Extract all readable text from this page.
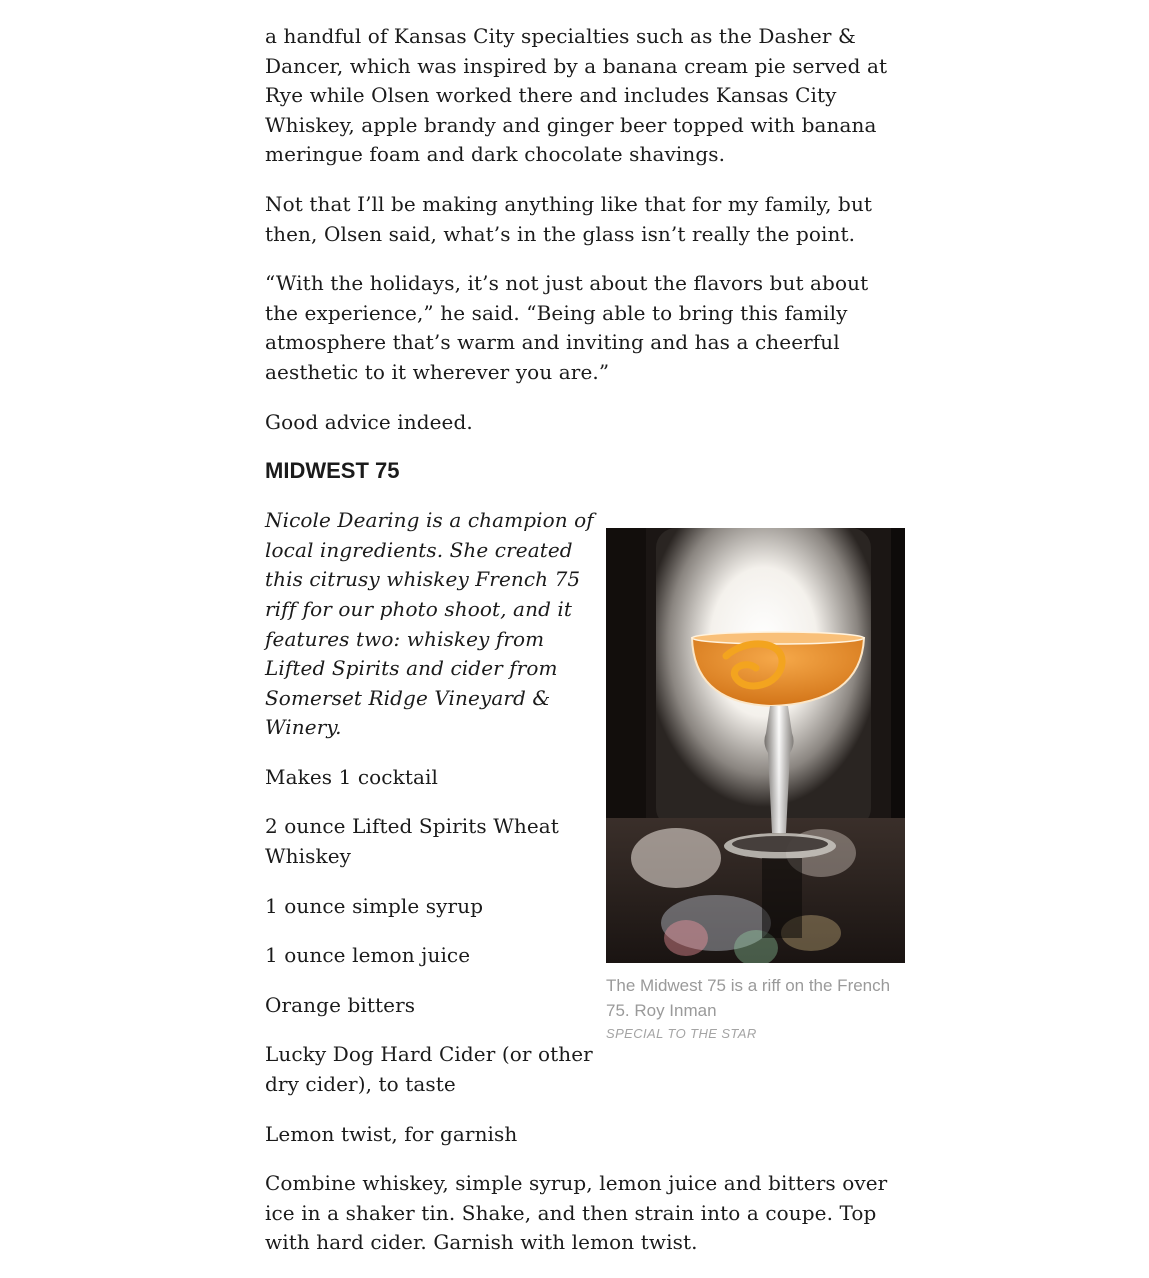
a handful of Kansas City specialties such as the Dasher & Dancer, which was inspired by a banana cream pie served at Rye while Olsen worked there and includes Kansas City Whiskey, apple brandy and ginger beer topped with banana meringue foam and dark chocolate shavings.

Not that I’ll be making anything like that for my family, but then, Olsen said, what’s in the glass isn’t really the point.

“With the holidays, it’s not just about the flavors but about the experience,” he said. “Being able to bring this family atmosphere that’s warm and inviting and has a cheerful aesthetic to it wherever you are.”

Good advice indeed.

MIDWEST 75

Nicole Dearing is a champion of local ingredients. She created this citrusy whiskey French 75 riff for our photo shoot, and it features two: whiskey from Lifted Spirits and cider from Somerset Ridge Vineyard & Winery.

Makes 1 cocktail

2 ounce Lifted Spirits Wheat Whiskey

1 ounce simple syrup

1 ounce lemon juice

Orange bitters

Lucky Dog Hard Cider (or other dry cider), to taste

Lemon twist, for garnish

The Midwest 75 is a riff on the French 75. Roy Inman
SPECIAL TO THE STAR

Combine whiskey, simple syrup, lemon juice and bitters over ice in a shaker tin. Shake, and then strain into a coupe. Top with hard cider. Garnish with lemon twist.
